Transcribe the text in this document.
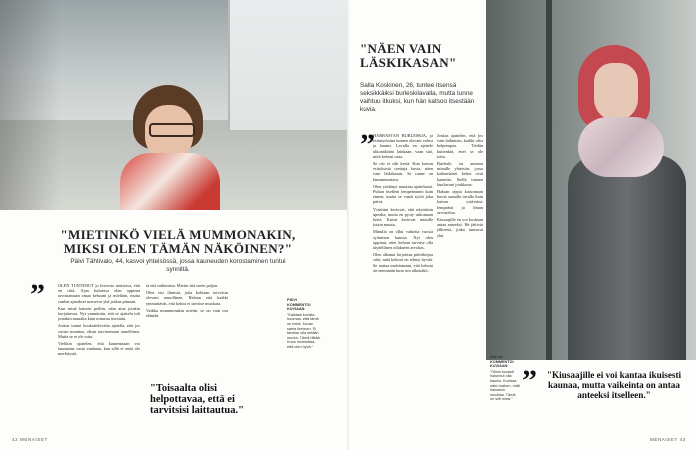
"MIETINKÖ VIELÄ MUMMONAKIN, MIKSI OLEN TÄMÄN NÄKÖINEN?"
Päivi Tähtivalo, 44, kasvoi yhteisössä, jossa kauneuden korostaminen tuntui synniltä.
”	OLEN TUNTENUT jo kirvesto muistava, että en riitä. Ajan kuluessa olen oppinut arvostamaan omaa kehoani ja mieltäni, mutta vanhat ajatukset nousevat yhä joskus pintaan.

Kun minä katsoin peiliin, näin aina jotakin korjattavaa. Nyt ymmärrän, että se ajattelu tuli jostakin muualta kuin minusta itsestäni.

Joskus tuntui houkuttelevalta ajatella, että jos voisin muuttaa, olisin tarvitsemani onnellinen. Mutta se ei ole totta.

Vielikin ajattelen, että kauneuttaan voi tunnustaa vasta vanhana, kun sillä ei enää ole merkitystä.

tä että tutkimista. Mietin sitä usein paljon.

Olen etsi ihmisiä, joita kohtaan toivoisin olevani armollinen. Haluan että kaikki ymmärtävät, että kehoa ei tarvitse muokata.

Vaikka mummonakin mietin, se on vain osa elämää.

"Toisaalta olisi helpottavaa, että ei tarvitsisi laittautua."
PÄIVI KOMMENTOI KUVIAAN:
"Kaikista kuvista huomaa, että tämä on minä. Kuvan sama ihminen. Ei tarvitse olla ketään muuta. Tämä riittää. Kuva muistuttaa, että olen hyvä."
42 MENAISET
"NÄEN VAIN LÄSKIKASAN"
Salla Koskinen, 26, tuntee itsensä seksikkäiksi burleskilavalla, mutta tunne vaihtuu itkuksi, kun hän katsoo itsestään kuvia.
”

HARRASTAN BURLESKIA, ja esiintyessäni tunnen olevani vahva ja kaunis. Lavalla en ajattele ulkonäköäni lainkaan, vaan sitä, mitä kehoni osaa.

Se olo ei silti kestä. Kun katson esityksistä otettuja kuvia, näen vain läskikasan. Se tunne on lamaannuttava.

Olen yrittänyt muuttaa ajatteluani. Puhun itselleni lempeämmin kuin ennen, mutta se vaatii työtä joka päivä.

Ystäväni kertovat, että näyttäisin upealta, mutta en pysty uskomaan heitä. Kuvat kertovat minulle jotain muuta.

Minulla on ollut vaikeita vuosia syömisen kanssa. Nyt olen oppinut, ettei kehoni tarvitse olla täydellinen ollakseen arvokas.

Olen alkanut kirjoittaa päiväkirjaa siitä, mitä kehoni on tehnyt hyvää. Se auttaa muistamaan, että kehoni on enemmän kuin sen ulkonäkö.

Joskus ajattelen, että jos vain laihtuisin, kaikki olisi helpompaa. Tiedän kuitenkin, ettei se ole totta.

Burleski on antanut minulle yhteisön, jossa kaikenlaiset kehot ovat kauniita. Siellä tunnen kuuluvani joukkoon.

Haluan oppia katsomaan kuvia samalla tavalla kuin katson ystäviäni: lempeästi ja ilman arvostelua.

Kiusaajille en voi koskaan antaa anteeksi. He jättivät jälkensä, jotka tuntuvat yhä.

”	"Kiusaajille ei voi kantaa ikuisesti kaunaa, mutta vaikeinta on antaa anteeksi itselleen."
SALLA KOMMENTOI KUVIAAN:
"Olisin kovasti halunnut olla kaunis. Kuvissa näen kaiken, mitä haluaisin muuttaa. Tämä on silti minä."
MENAISET 43
